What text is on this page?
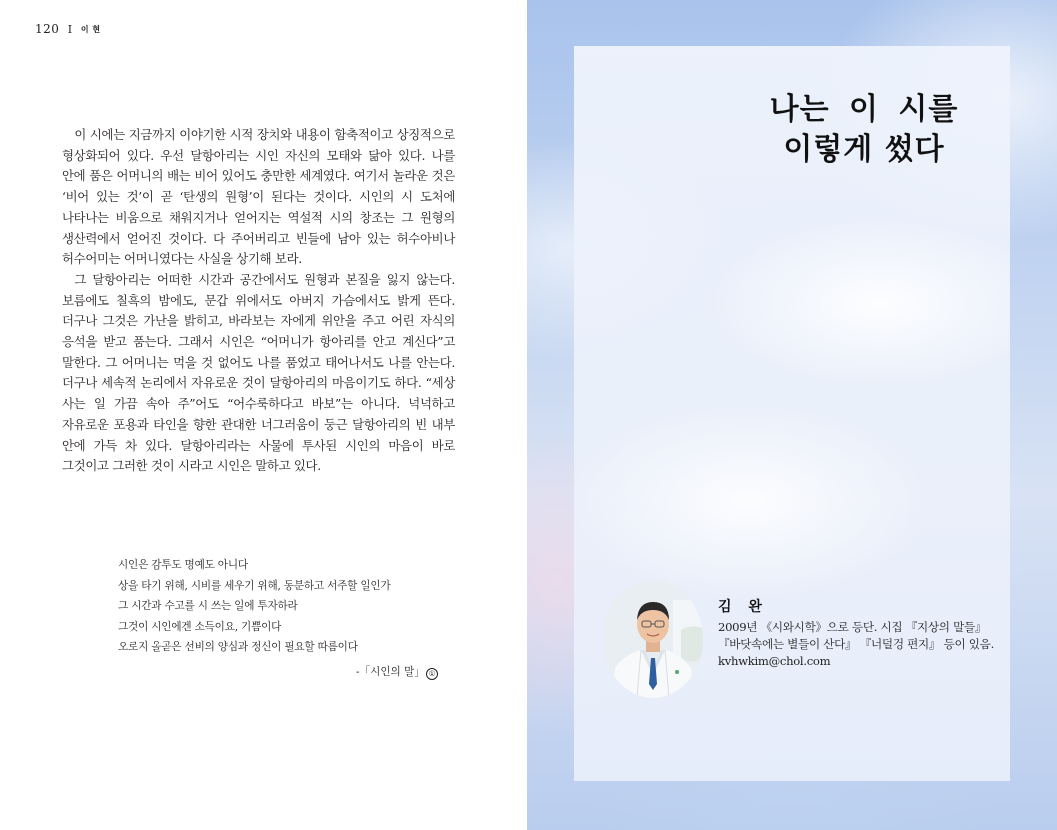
120 I 이 현

이 시에는 지금까지 이야기한 시적 장치와 내용이 함축적이고 상징적으로 형상화되어 있다. 우선 달항아리는 시인 자신의 모태와 닮아 있다. 나를 안에 품은 어머니의 배는 비어 있어도 충만한 세계였다. 여기서 놀라운 것은 ‘비어 있는 것’이 곧 ‘탄생의 원형’이 된다는 것이다. 시인의 시 도처에 나타나는 비움으로 채워지거나 얻어지는 역설적 시의 창조는 그 원형의 생산력에서 얻어진 것이다. 다 주어버리고 빈들에 남아 있는 허수아비나 허수어미는 어머니였다는 사실을 상기해 보라.

그 달항아리는 어떠한 시간과 공간에서도 원형과 본질을 잃지 않는다. 보름에도 칠흑의 밤에도, 문갑 위에서도 아버지 가슴에서도 밝게 뜬다. 더구나 그것은 가난을 밝히고, 바라보는 자에게 위안을 주고 어린 자식의 응석을 받고 품는다. 그래서 시인은 “어머니가 항아리를 안고 계신다”고 말한다. 그 어머니는 먹을 것 없어도 나를 품었고 태어나서도 나를 안는다. 더구나 세속적 논리에서 자유로운 것이 달항아리의 마음이기도 하다. “세상 사는 일 가끔 속아 주”어도 “어수룩하다고 바보”는 아니다. 넉넉하고 자유로운 포용과 타인을 향한 관대한 너그러움이 둥근 달항아리의 빈 내부 안에 가득 차 있다. 달항아리라는 사물에 투사된 시인의 마음이 바로 그것이고 그러한 것이 시라고 시인은 말하고 있다.

시인은 감투도 명예도 아니다
상을 타기 위해, 시비를 세우기 위해, 동분하고 서주할 일인가
그 시간과 수고를 시 쓰는 일에 투자하라
그것이 시인에겐 소득이요, 기쁨이다
오로지 올곧은 선비의 양심과 정신이 필요할 따름이다
-「시인의 말」 ①
나는 이 시를
이렇게 썼다
김 완
2009년 《시와시학》으로 등단. 시집 『지상의 말들』
『바닷속에는 별들이 산다』 『너덜겅 편지』 등이 있음.
kvhwkim@chol.com
